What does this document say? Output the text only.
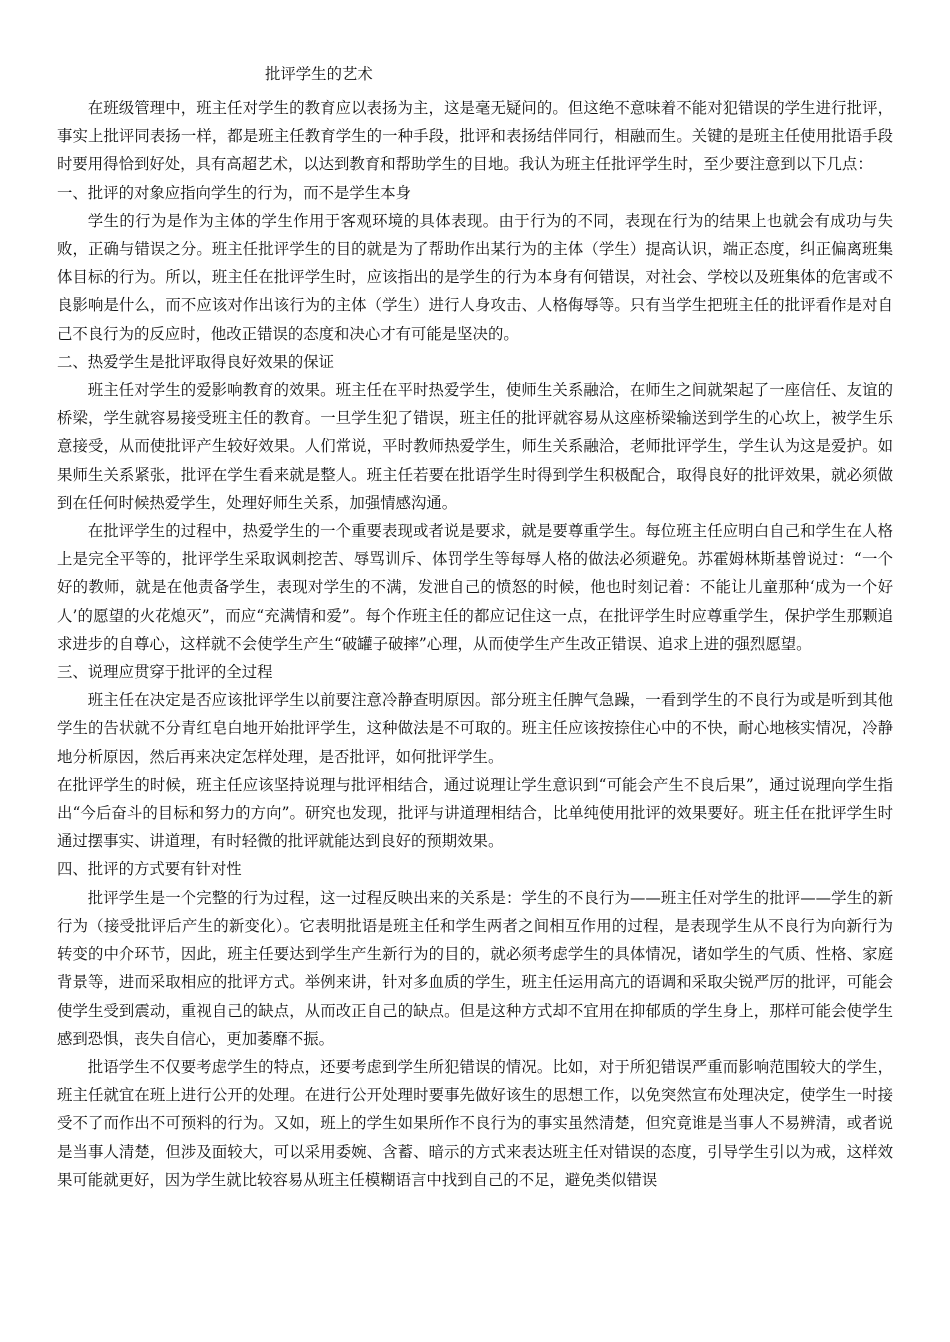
批评学生的艺术

在班级管理中，班主任对学生的教育应以表扬为主，这是毫无疑问的。但这绝不意味着不能对犯错误的学生进行批评，事实上批评同表扬一样，都是班主任教育学生的一种手段，批评和表扬结伴同行，相融而生。关键的是班主任使用批语手段时要用得恰到好处，具有高超艺术，以达到教育和帮助学生的目地。我认为班主任批评学生时，至少要注意到以下几点：

一、批评的对象应指向学生的行为，而不是学生本身

学生的行为是作为主体的学生作用于客观环境的具体表现。由于行为的不同，表现在行为的结果上也就会有成功与失败，正确与错误之分。班主任批评学生的目的就是为了帮助作出某行为的主体（学生）提高认识，端正态度，纠正偏离班集体目标的行为。所以，班主任在批评学生时，应该指出的是学生的行为本身有何错误，对社会、学校以及班集体的危害或不良影响是什么，而不应该对作出该行为的主体（学生）进行人身攻击、人格侮辱等。只有当学生把班主任的批评看作是对自己不良行为的反应时，他改正错误的态度和决心才有可能是坚决的。

二、热爱学生是批评取得良好效果的保证

班主任对学生的爱影响教育的效果。班主任在平时热爱学生，使师生关系融洽，在师生之间就架起了一座信任、友谊的桥梁，学生就容易接受班主任的教育。一旦学生犯了错误，班主任的批评就容易从这座桥梁输送到学生的心坎上，被学生乐意接受，从而使批评产生较好效果。人们常说，平时教师热爱学生，师生关系融洽，老师批评学生，学生认为这是爱护。如果师生关系紧张，批评在学生看来就是整人。班主任若要在批语学生时得到学生积极配合，取得良好的批评效果，就必须做到在任何时候热爱学生，处理好师生关系，加强情感沟通。

在批评学生的过程中，热爱学生的一个重要表现或者说是要求，就是要尊重学生。每位班主任应明白自己和学生在人格上是完全平等的，批评学生采取讽刺挖苦、辱骂训斥、体罚学生等每辱人格的做法必须避免。苏霍姆林斯基曾说过：“一个好的教师，就是在他责备学生，表现对学生的不满，发泄自己的愤怒的时候，他也时刻记着：不能让儿童那种‘成为一个好人’的愿望的火花熄灭”，而应“充满情和爱”。每个作班主任的都应记住这一点，在批评学生时应尊重学生，保护学生那颗追求进步的自尊心，这样就不会使学生产生“破罐子破摔”心理，从而使学生产生改正错误、追求上进的强烈愿望。

三、说理应贯穿于批评的全过程

班主任在决定是否应该批评学生以前要注意冷静查明原因。部分班主任脾气急躁，一看到学生的不良行为或是听到其他学生的告状就不分青红皂白地开始批评学生，这种做法是不可取的。班主任应该按捺住心中的不快，耐心地核实情况，冷静地分析原因，然后再来决定怎样处理，是否批评，如何批评学生。

在批评学生的时候，班主任应该坚持说理与批评相结合，通过说理让学生意识到“可能会产生不良后果”，通过说理向学生指出“今后奋斗的目标和努力的方向”。研究也发现，批评与讲道理相结合，比单纯使用批评的效果要好。班主任在批评学生时通过摆事实、讲道理，有时轻微的批评就能达到良好的预期效果。

四、批评的方式要有针对性

批评学生是一个完整的行为过程，这一过程反映出来的关系是：学生的不良行为——班主任对学生的批评——学生的新行为（接受批评后产生的新变化）。它表明批语是班主任和学生两者之间相互作用的过程，是表现学生从不良行为向新行为转变的中介环节，因此，班主任要达到学生产生新行为的目的，就必须考虑学生的具体情况，诸如学生的气质、性格、家庭背景等，进而采取相应的批评方式。举例来讲，针对多血质的学生，班主任运用高亢的语调和采取尖锐严厉的批评，可能会使学生受到震动，重视自己的缺点，从而改正自己的缺点。但是这种方式却不宜用在抑郁质的学生身上，那样可能会使学生感到恐惧，丧失自信心，更加萎靡不振。

批语学生不仅要考虑学生的特点，还要考虑到学生所犯错误的情况。比如，对于所犯错误严重而影响范围较大的学生，班主任就宜在班上进行公开的处理。在进行公开处理时要事先做好该生的思想工作，以免突然宣布处理决定，使学生一时接受不了而作出不可预料的行为。又如，班上的学生如果所作不良行为的事实虽然清楚，但究竟谁是当事人不易辨清，或者说是当事人清楚，但涉及面较大，可以采用委婉、含蓄、暗示的方式来表达班主任对错误的态度，引导学生引以为戒，这样效果可能就更好，因为学生就比较容易从班主任模糊语言中找到自己的不足，避免类似错误
